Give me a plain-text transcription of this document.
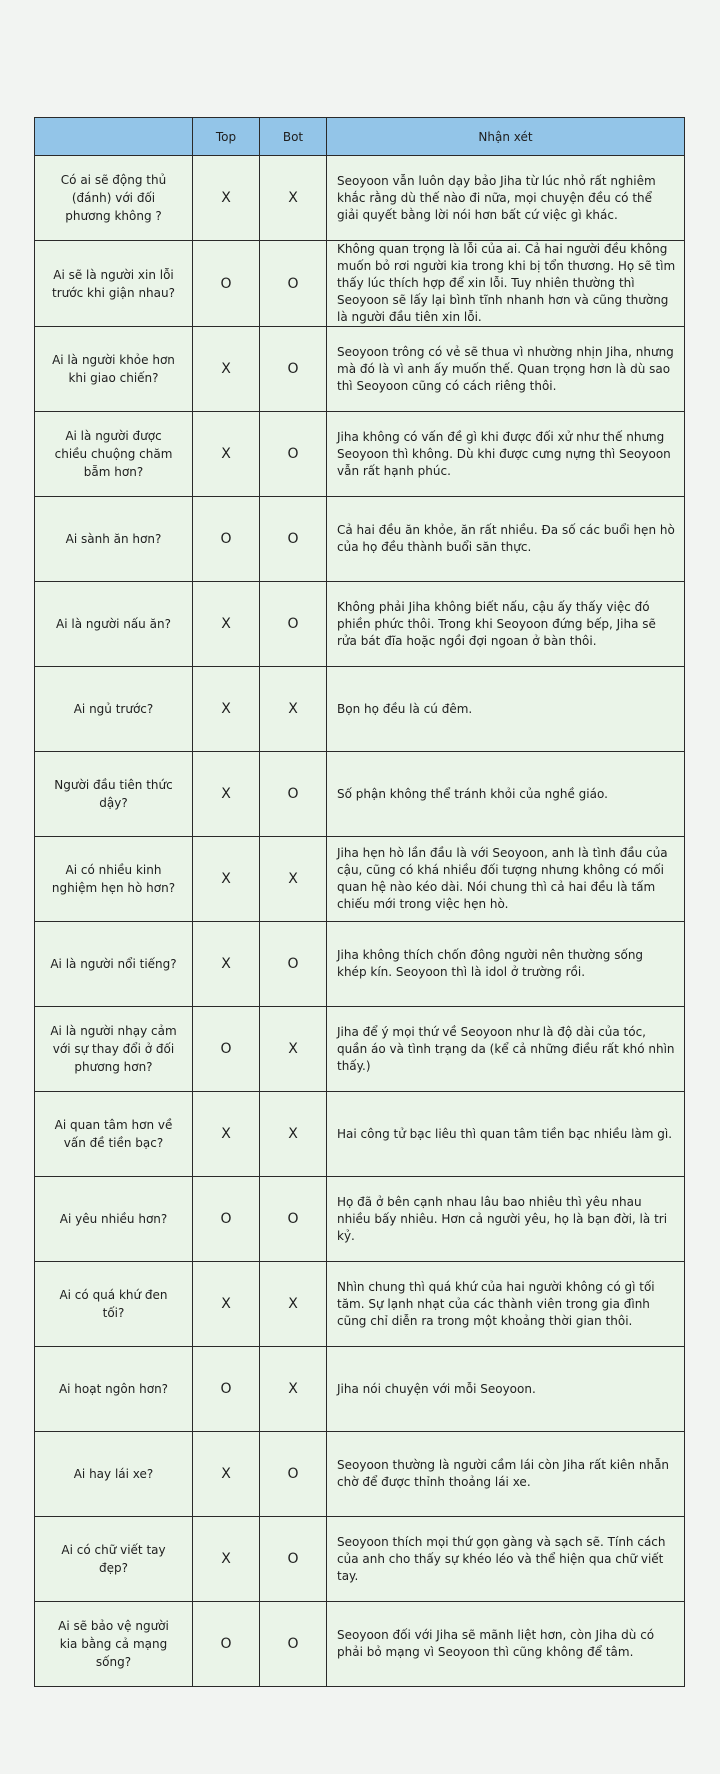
	Top	Bot	Nhận xét
Có ai sẽ động thủ (đánh) với đối phương không ?	X	X	Seoyoon vẫn luôn dạy bảo Jiha từ lúc nhỏ rất nghiêm khắc rằng dù thế nào đi nữa, mọi chuyện đều có thể giải quyết bằng lời nói hơn bất cứ việc gì khác.
Ai sẽ là người xin lỗi trước khi giận nhau?	O	O	Không quan trọng là lỗi của ai. Cả hai người đều không muốn bỏ rơi người kia trong khi bị tổn thương. Họ sẽ tìm thấy lúc thích hợp để xin lỗi. Tuy nhiên thường thì Seoyoon sẽ lấy lại bình tĩnh nhanh hơn và cũng thường là người đầu tiên xin lỗi.
Ai là người khỏe hơn khi giao chiến?	X	O	Seoyoon trông có vẻ sẽ thua vì nhường nhịn Jiha, nhưng mà đó là vì anh ấy muốn thế. Quan trọng hơn là dù sao thì Seoyoon cũng có cách riêng thôi.
Ai là người được chiều chuộng chăm bẵm hơn?	X	O	Jiha không có vấn đề gì khi được đối xử như thế nhưng Seoyoon thì không. Dù khi được cưng nựng thì Seoyoon vẫn rất hạnh phúc.
Ai sành ăn hơn?	O	O	Cả hai đều ăn khỏe, ăn rất nhiều. Đa số các buổi hẹn hò của họ đều thành buổi săn thực.
Ai là người nấu ăn?	X	O	Không phải Jiha không biết nấu, cậu ấy thấy việc đó phiền phức thôi. Trong khi Seoyoon đứng bếp, Jiha sẽ rửa bát đĩa hoặc ngồi đợi ngoan ở bàn thôi.
Ai ngủ trước?	X	X	Bọn họ đều là cú đêm.
Người đầu tiên thức dậy?	X	O	Số phận không thể tránh khỏi của nghề giáo.
Ai có nhiều kinh nghiệm hẹn hò hơn?	X	X	Jiha hẹn hò lần đầu là với Seoyoon, anh là tình đầu của cậu, cũng có khá nhiều đối tượng nhưng không có mối quan hệ nào kéo dài. Nói chung thì cả hai đều là tấm chiếu mới trong việc hẹn hò.
Ai là người nổi tiếng?	X	O	Jiha không thích chốn đông người nên thường sống khép kín. Seoyoon thì là idol ở trường rồi.
Ai là người nhạy cảm với sự thay đổi ở đối phương hơn?	O	X	Jiha để ý mọi thứ về Seoyoon như là độ dài của tóc, quần áo và tình trạng da (kể cả những điều rất khó nhìn thấy.)
Ai quan tâm hơn về vấn đề tiền bạc?	X	X	Hai công tử bạc liêu thì quan tâm tiền bạc nhiều làm gì.
Ai yêu nhiều hơn?	O	O	Họ đã ở bên cạnh nhau lâu bao nhiêu thì yêu nhau nhiều bấy nhiêu. Hơn cả người yêu, họ là bạn đời, là tri kỷ.
Ai có quá khứ đen tối?	X	X	Nhìn chung thì quá khứ của hai người không có gì tối tăm. Sự lạnh nhạt của các thành viên trong gia đình cũng chỉ diễn ra trong một khoảng thời gian thôi.
Ai hoạt ngôn hơn?	O	X	Jiha nói chuyện với mỗi Seoyoon.
Ai hay lái xe?	X	O	Seoyoon thường là người cầm lái còn Jiha rất kiên nhẫn chờ để được thỉnh thoảng lái xe.
Ai có chữ viết tay đẹp?	X	O	Seoyoon thích mọi thứ gọn gàng và sạch sẽ. Tính cách của anh cho thấy sự khéo léo và thể hiện qua chữ viết tay.
Ai sẽ bảo vệ người kia bằng cả mạng sống?	O	O	Seoyoon đối với Jiha sẽ mãnh liệt hơn, còn Jiha dù có phải bỏ mạng vì Seoyoon thì cũng không để tâm.
